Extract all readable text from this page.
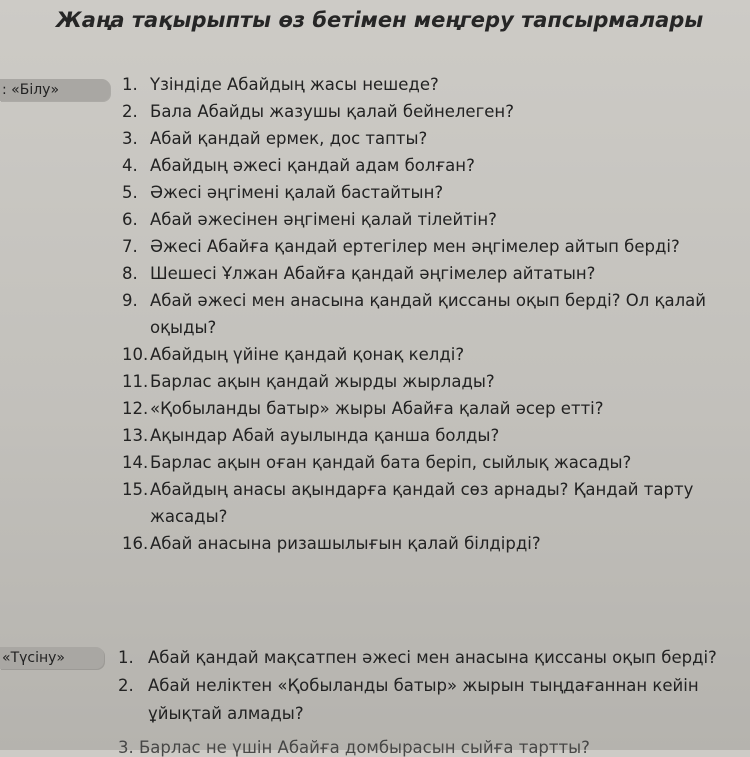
Жаңа тақырыпты өз бетімен меңгеру тапсырмалары
: «Білу»	1. Үзіндіде Абайдың жасы нешеде?
2. Бала Абайды жазушы қалай бейнелеген?
3. Абай қандай ермек, дос тапты?
4. Абайдың әжесі қандай адам болған?
5. Әжесі әңгімені қалай бастайтын?
6. Абай әжесінен әңгімені қалай тілейтін?
7. Әжесі Абайға қандай ертегілер мен әңгімелер айтып берді?
8. Шешесі Ұлжан Абайға қандай әңгімелер айтатын?
9. Абай әжесі мен анасына қандай қиссаны оқып берді? Ол қалай
оқыды?
10. Абайдың үйіне қандай қонақ келді?
11. Барлас ақын қандай жырды жырлады?
12. «Қобыланды батыр» жыры Абайға қалай әсер етті?
13. Ақындар Абай ауылында қанша болды?
14. Барлас ақын оған қандай бата беріп, сыйлық жасады?
15. Абайдың анасы ақындарға қандай сөз арнады? Қандай тарту
жасады?
16. Абай анасына ризашылығын қалай білдірді?
«Түсіну»	1. Абай қандай мақсатпен әжесі мен анасына қиссаны оқып берді?
2. Абай неліктен «Қобыланды батыр» жырын тыңдағаннан кейін
ұйықтай алмады?
3. Барлас не үшін Абайға домбырасын сыйға тартты?
